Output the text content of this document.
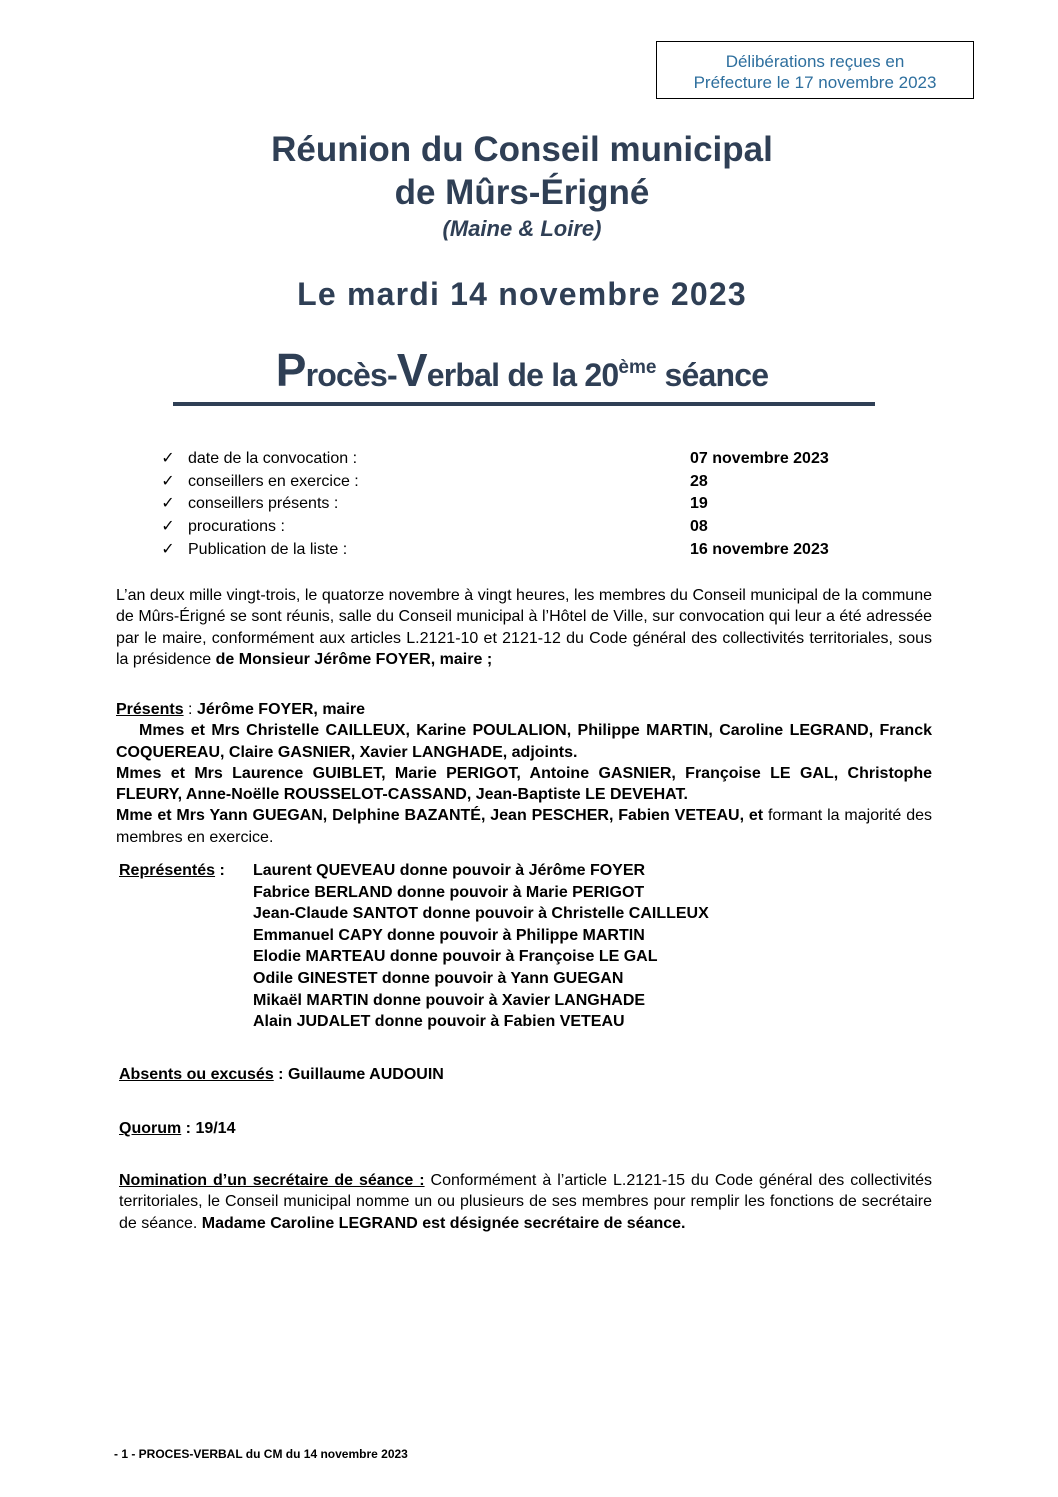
Délibérations reçues en
Préfecture le 17 novembre 2023
Réunion du Conseil municipal
de Mûrs-Érigné
(Maine & Loire)
Le mardi 14 novembre 2023
Procès-Verbal de la 20ème séance
✓ date de la convocation :	07 novembre 2023
✓ conseillers en exercice :	28
✓ conseillers présents :	19
✓ procurations :	08
✓ Publication de la liste :	16 novembre 2023
L’an deux mille vingt-trois, le quatorze novembre à vingt heures, les membres du Conseil municipal de la commune de Mûrs-Érigné se sont réunis, salle du Conseil municipal à l’Hôtel de Ville, sur convocation qui leur a été adressée par le maire, conformément aux articles L.2121-10 et 2121-12 du Code général des collectivités territoriales, sous la présidence de Monsieur Jérôme FOYER, maire ;
Présents : Jérôme FOYER, maire
Mmes et Mrs Christelle CAILLEUX, Karine POULALION, Philippe MARTIN, Caroline LEGRAND, Franck COQUEREAU, Claire GASNIER, Xavier LANGHADE, adjoints.
Mmes et Mrs Laurence GUIBLET, Marie PERIGOT, Antoine GASNIER, Françoise LE GAL, Christophe FLEURY, Anne-Noëlle ROUSSELOT-CASSAND, Jean-Baptiste LE DEVEHAT.
Mme et Mrs Yann GUEGAN, Delphine BAZANTÉ, Jean PESCHER, Fabien VETEAU, et formant la majorité des membres en exercice.
Représentés : Laurent QUEVEAU donne pouvoir à Jérôme FOYER
Fabrice BERLAND donne pouvoir à Marie PERIGOT
Jean-Claude SANTOT donne pouvoir à Christelle CAILLEUX
Emmanuel CAPY donne pouvoir à Philippe MARTIN
Elodie MARTEAU donne pouvoir à Françoise LE GAL
Odile GINESTET donne pouvoir à Yann GUEGAN
Mikaël MARTIN donne pouvoir à Xavier LANGHADE
Alain JUDALET donne pouvoir à Fabien VETEAU
Absents ou excusés : Guillaume AUDOUIN
Quorum : 19/14
Nomination d’un secrétaire de séance : Conformément à l’article L.2121-15 du Code général des collectivités territoriales, le Conseil municipal nomme un ou plusieurs de ses membres pour remplir les fonctions de secrétaire de séance. Madame Caroline LEGRAND est désignée secrétaire de séance.
- 1 - PROCES-VERBAL du CM du 14 novembre 2023
